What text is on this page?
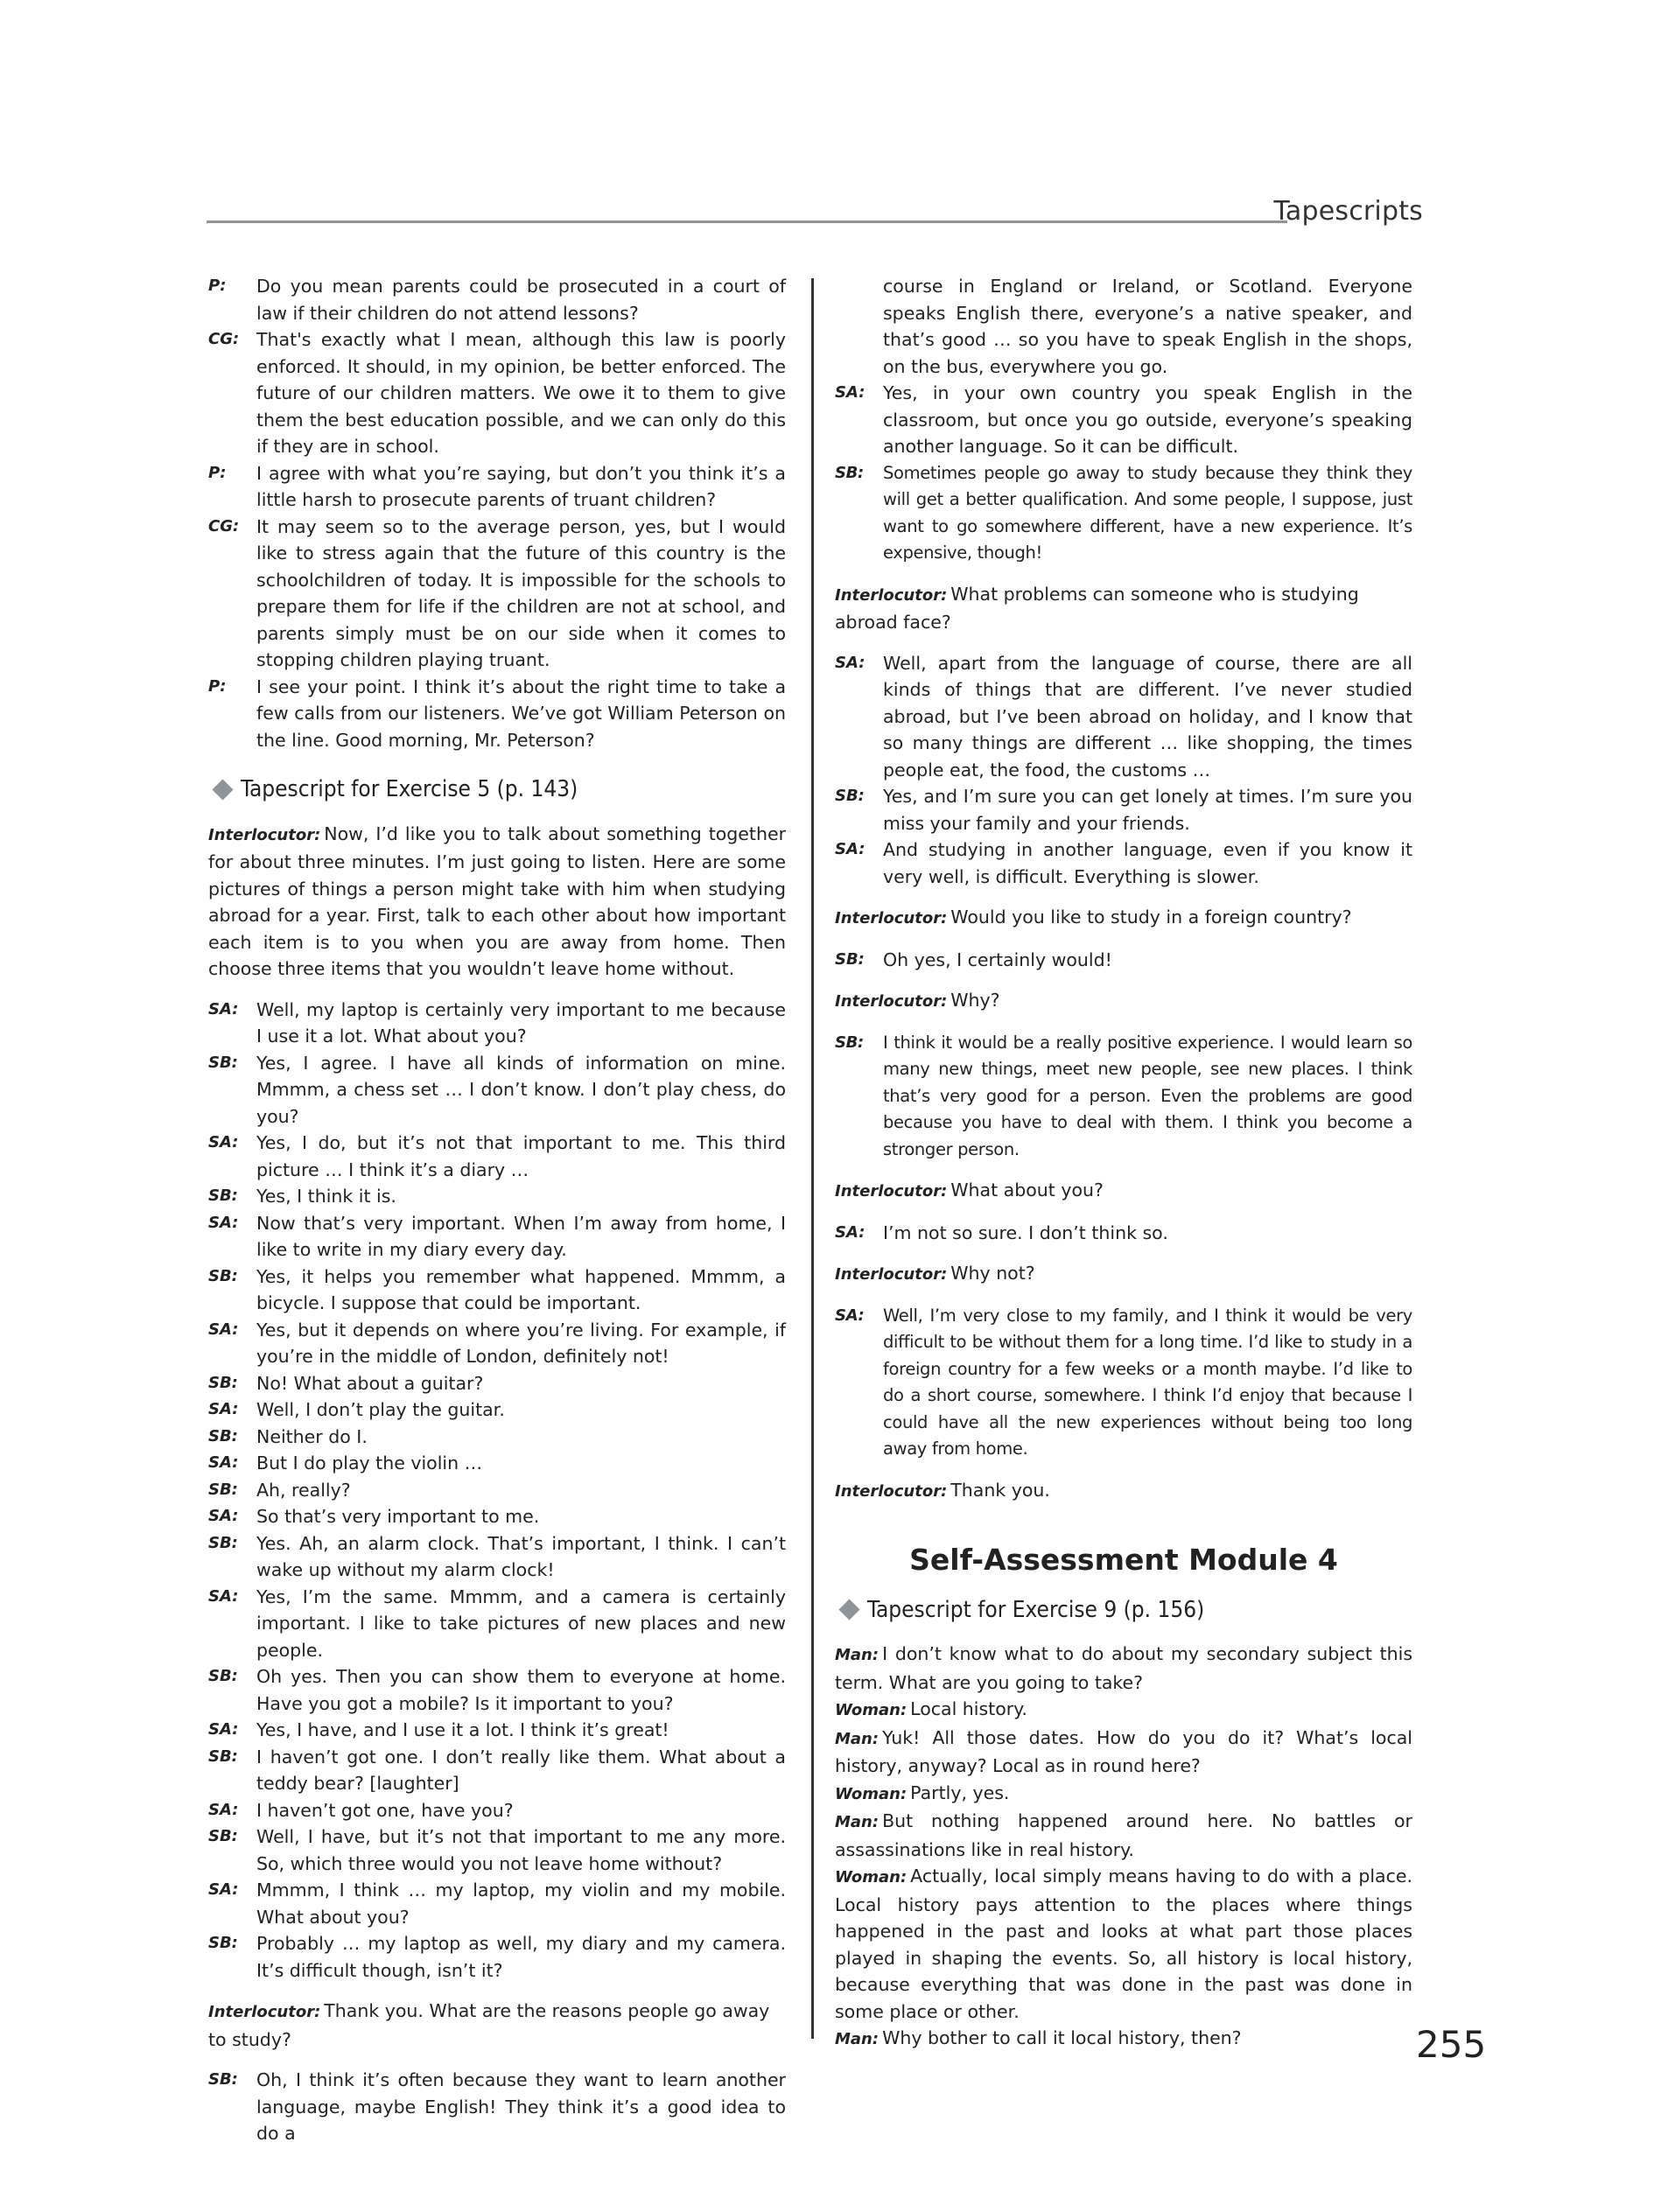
Tapescripts
P:	Do you mean parents could be prosecuted in a court of law if their children do not attend lessons?
CG: That's exactly what I mean, although this law is poorly enforced. It should, in my opinion, be better enforced. The future of our children matters. We owe it to them to give them the best education possible, and we can only do this if they are in school.
P:	I agree with what you’re saying, but don’t you think it’s a little harsh to prosecute parents of truant children?
CG: It may seem so to the average person, yes, but I would like to stress again that the future of this country is the schoolchildren of today. It is impossible for the schools to prepare them for life if the children are not at school, and parents simply must be on our side when it comes to stopping children playing truant.
P:	I see your point. I think it’s about the right time to take a few calls from our listeners. We’ve got William Peterson on the line. Good morning, Mr. Peterson?
Tapescript for Exercise 5 (p. 143)
Interlocutor: Now, I’d like you to talk about something together for about three minutes. I’m just going to listen. Here are some pictures of things a person might take with him when studying abroad for a year. First, talk to each other about how important each item is to you when you are away from home. Then choose three items that you wouldn’t leave home without.
SA:	Well, my laptop is certainly very important to me because I use it a lot. What about you?
SB:	Yes, I agree. I have all kinds of information on mine. Mmmm, a chess set … I don’t know. I don’t play chess, do you?
SA:	Yes, I do, but it’s not that important to me. This third picture … I think it’s a diary …
SB:	Yes, I think it is.
SA:	Now that’s very important. When I’m away from home, I like to write in my diary every day.
SB:	Yes, it helps you remember what happened. Mmmm, a bicycle. I suppose that could be important.
SA:	Yes, but it depends on where you’re living. For example, if you’re in the middle of London, definitely not!
SB:	No! What about a guitar?
SA:	Well, I don’t play the guitar.
SB:	Neither do I.
SA:	But I do play the violin …
SB:	Ah, really?
SA:	So that’s very important to me.
SB:	Yes. Ah, an alarm clock. That’s important, I think. I can’t wake up without my alarm clock!
SA:	Yes, I’m the same. Mmmm, and a camera is certainly important. I like to take pictures of new places and new people.
SB:	Oh yes. Then you can show them to everyone at home. Have you got a mobile? Is it important to you?
SA:	Yes, I have, and I use it a lot. I think it’s great!
SB:	I haven’t got one. I don’t really like them. What about a teddy bear? [laughter]
SA:	I haven’t got one, have you?
SB:	Well, I have, but it’s not that important to me any more. So, which three would you not leave home without?
SA:	Mmmm, I think … my laptop, my violin and my mobile. What about you?
SB:	Probably … my laptop as well, my diary and my camera. It’s difficult though, isn’t it?
Interlocutor: Thank you. What are the reasons people go away to study?
SB:	Oh, I think it’s often because they want to learn another language, maybe English! They think it’s a good idea to do a
course in England or Ireland, or Scotland. Everyone speaks English there, everyone’s a native speaker, and that’s good … so you have to speak English in the shops, on the bus, everywhere you go.
SA:	Yes, in your own country you speak English in the classroom, but once you go outside, everyone’s speaking another language. So it can be difficult.
SB:	Sometimes people go away to study because they think they will get a better qualification. And some people, I suppose, just want to go somewhere different, have a new experience. It’s expensive, though!
Interlocutor: What problems can someone who is studying abroad face?
SA:	Well, apart from the language of course, there are all kinds of things that are different. I’ve never studied abroad, but I’ve been abroad on holiday, and I know that so many things are different … like shopping, the times people eat, the food, the customs …
SB:	Yes, and I’m sure you can get lonely at times. I’m sure you miss your family and your friends.
SA:	And studying in another language, even if you know it very well, is difficult. Everything is slower.
Interlocutor: Would you like to study in a foreign country?
SB:	Oh yes, I certainly would!
Interlocutor: Why?
SB:	I think it would be a really positive experience. I would learn so many new things, meet new people, see new places. I think that’s very good for a person. Even the problems are good because you have to deal with them. I think you become a stronger person.
Interlocutor: What about you?
SA:	I’m not so sure. I don’t think so.
Interlocutor: Why not?
SA:	Well, I’m very close to my family, and I think it would be very difficult to be without them for a long time. I’d like to study in a foreign country for a few weeks or a month maybe. I’d like to do a short course, somewhere. I think I’d enjoy that because I could have all the new experiences without being too long away from home.
Interlocutor: Thank you.
Self-Assessment Module 4
Tapescript for Exercise 9 (p. 156)
Man: I don’t know what to do about my secondary subject this term. What are you going to take?
Woman: Local history.
Man: Yuk! All those dates. How do you do it? What’s local history, anyway? Local as in round here?
Woman: Partly, yes.
Man: But nothing happened around here. No battles or assassinations like in real history.
Woman: Actually, local simply means having to do with a place. Local history pays attention to the places where things happened in the past and looks at what part those places played in shaping the events. So, all history is local history, because everything that was done in the past was done in some place or other.
Man: Why bother to call it local history, then?	255
